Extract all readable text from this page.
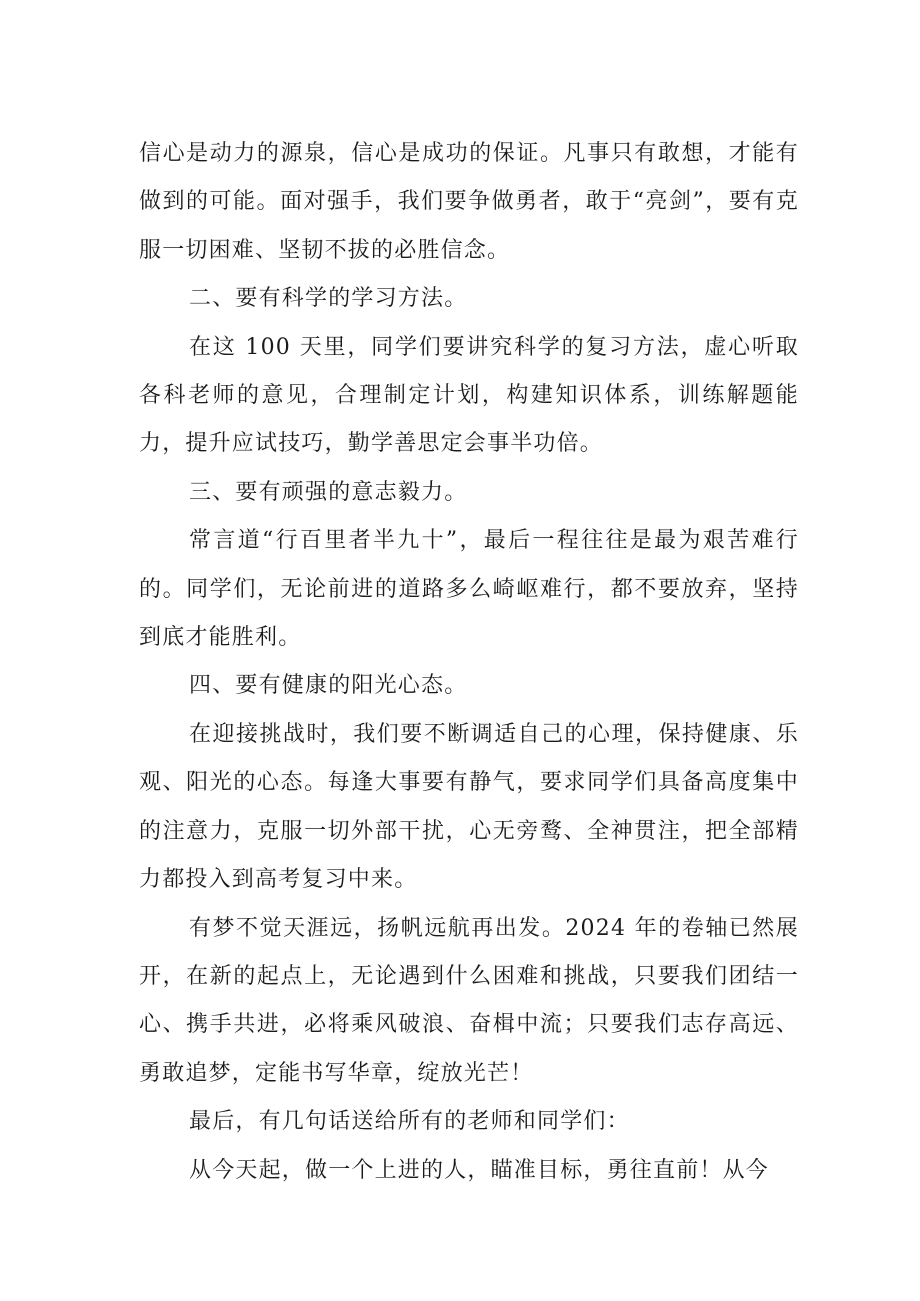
信心是动力的源泉，信心是成功的保证。凡事只有敢想，才能有做到的可能。面对强手，我们要争做勇者，敢于“亮剑”，要有克服一切困难、坚韧不拔的必胜信念。
二、要有科学的学习方法。
在这 100 天里，同学们要讲究科学的复习方法，虚心听取各科老师的意见，合理制定计划，构建知识体系，训练解题能力，提升应试技巧，勤学善思定会事半功倍。
三、要有顽强的意志毅力。
常言道“行百里者半九十”，最后一程往往是最为艰苦难行的。同学们，无论前进的道路多么崎岖难行，都不要放弃，坚持到底才能胜利。
四、要有健康的阳光心态。
在迎接挑战时，我们要不断调适自己的心理，保持健康、乐观、阳光的心态。每逢大事要有静气，要求同学们具备高度集中的注意力，克服一切外部干扰，心无旁鹜、全神贯注，把全部精力都投入到高考复习中来。
有梦不觉天涯远，扬帆远航再出发。2024 年的卷轴已然展开，在新的起点上，无论遇到什么困难和挑战，只要我们团结一心、携手共进，必将乘风破浪、奋楫中流；只要我们志存高远、勇敢追梦，定能书写华章，绽放光芒！
最后，有几句话送给所有的老师和同学们：
从今天起，做一个上进的人，瞄准目标，勇往直前！从今
